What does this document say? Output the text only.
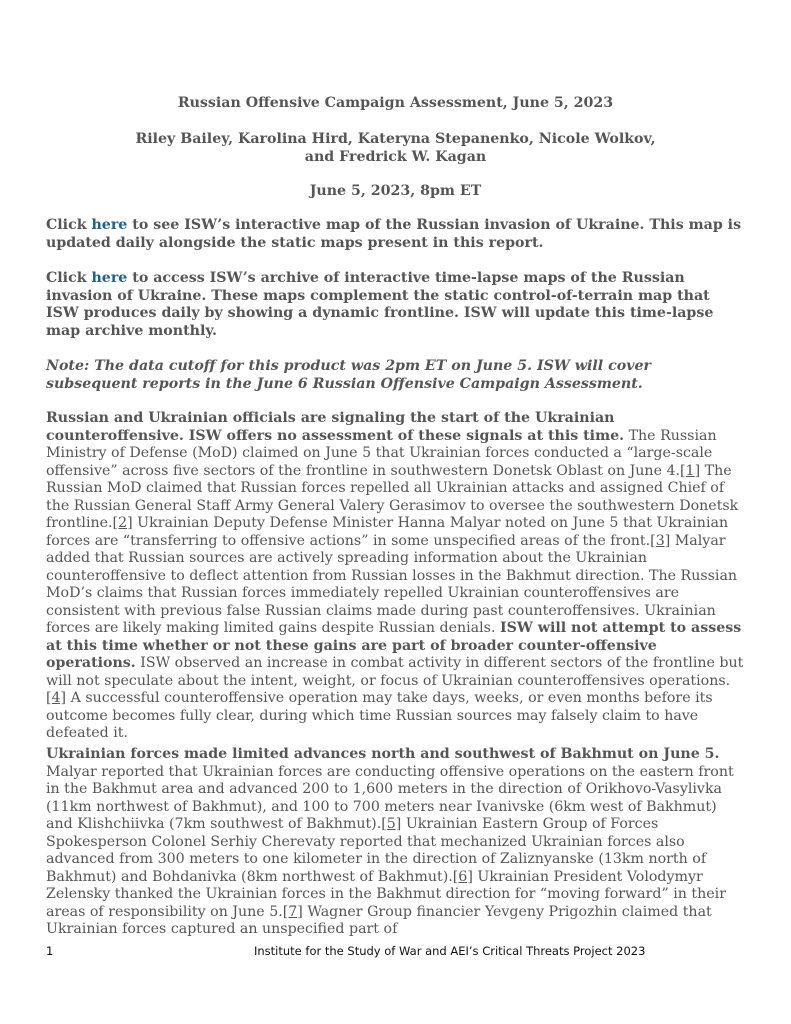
Russian Offensive Campaign Assessment, June 5, 2023
Riley Bailey, Karolina Hird, Kateryna Stepanenko, Nicole Wolkov,
and Fredrick W. Kagan
June 5, 2023, 8pm ET
Click here to see ISW’s interactive map of the Russian invasion of Ukraine. This map is updated daily alongside the static maps present in this report.
Click here to access ISW’s archive of interactive time-lapse maps of the Russian invasion of Ukraine. These maps complement the static control-of-terrain map that ISW produces daily by showing a dynamic frontline. ISW will update this time-lapse map archive monthly.
Note: The data cutoff for this product was 2pm ET on June 5. ISW will cover subsequent reports in the June 6 Russian Offensive Campaign Assessment.
Russian and Ukrainian officials are signaling the start of the Ukrainian counteroffensive. ISW offers no assessment of these signals at this time. The Russian Ministry of Defense (MoD) claimed on June 5 that Ukrainian forces conducted a “large-scale offensive” across five sectors of the frontline in southwestern Donetsk Oblast on June 4.[1] The Russian MoD claimed that Russian forces repelled all Ukrainian attacks and assigned Chief of the Russian General Staff Army General Valery Gerasimov to oversee the southwestern Donetsk frontline.[2] Ukrainian Deputy Defense Minister Hanna Malyar noted on June 5 that Ukrainian forces are “transferring to offensive actions” in some unspecified areas of the front.[3] Malyar added that Russian sources are actively spreading information about the Ukrainian counteroffensive to deflect attention from Russian losses in the Bakhmut direction. The Russian MoD’s claims that Russian forces immediately repelled Ukrainian counteroffensives are consistent with previous false Russian claims made during past counteroffensives. Ukrainian forces are likely making limited gains despite Russian denials. ISW will not attempt to assess at this time whether or not these gains are part of broader counter-offensive operations. ISW observed an increase in combat activity in different sectors of the frontline but will not speculate about the intent, weight, or focus of Ukrainian counteroffensives operations.[4] A successful counteroffensive operation may take days, weeks, or even months before its outcome becomes fully clear, during which time Russian sources may falsely claim to have defeated it.
Ukrainian forces made limited advances north and southwest of Bakhmut on June 5. Malyar reported that Ukrainian forces are conducting offensive operations on the eastern front in the Bakhmut area and advanced 200 to 1,600 meters in the direction of Orikhovo-Vasylivka (11km northwest of Bakhmut), and 100 to 700 meters near Ivanivske (6km west of Bakhmut) and Klishchiivka (7km southwest of Bakhmut).[5] Ukrainian Eastern Group of Forces Spokesperson Colonel Serhiy Cherevaty reported that mechanized Ukrainian forces also advanced from 300 meters to one kilometer in the direction of Zaliznyanske (13km north of Bakhmut) and Bohdanivka (8km northwest of Bakhmut).[6] Ukrainian President Volodymyr Zelensky thanked the Ukrainian forces in the Bakhmut direction for “moving forward” in their areas of responsibility on June 5.[7] Wagner Group financier Yevgeny Prigozhin claimed that Ukrainian forces captured an unspecified part of
1	Institute for the Study of War and AEI’s Critical Threats Project 2023
